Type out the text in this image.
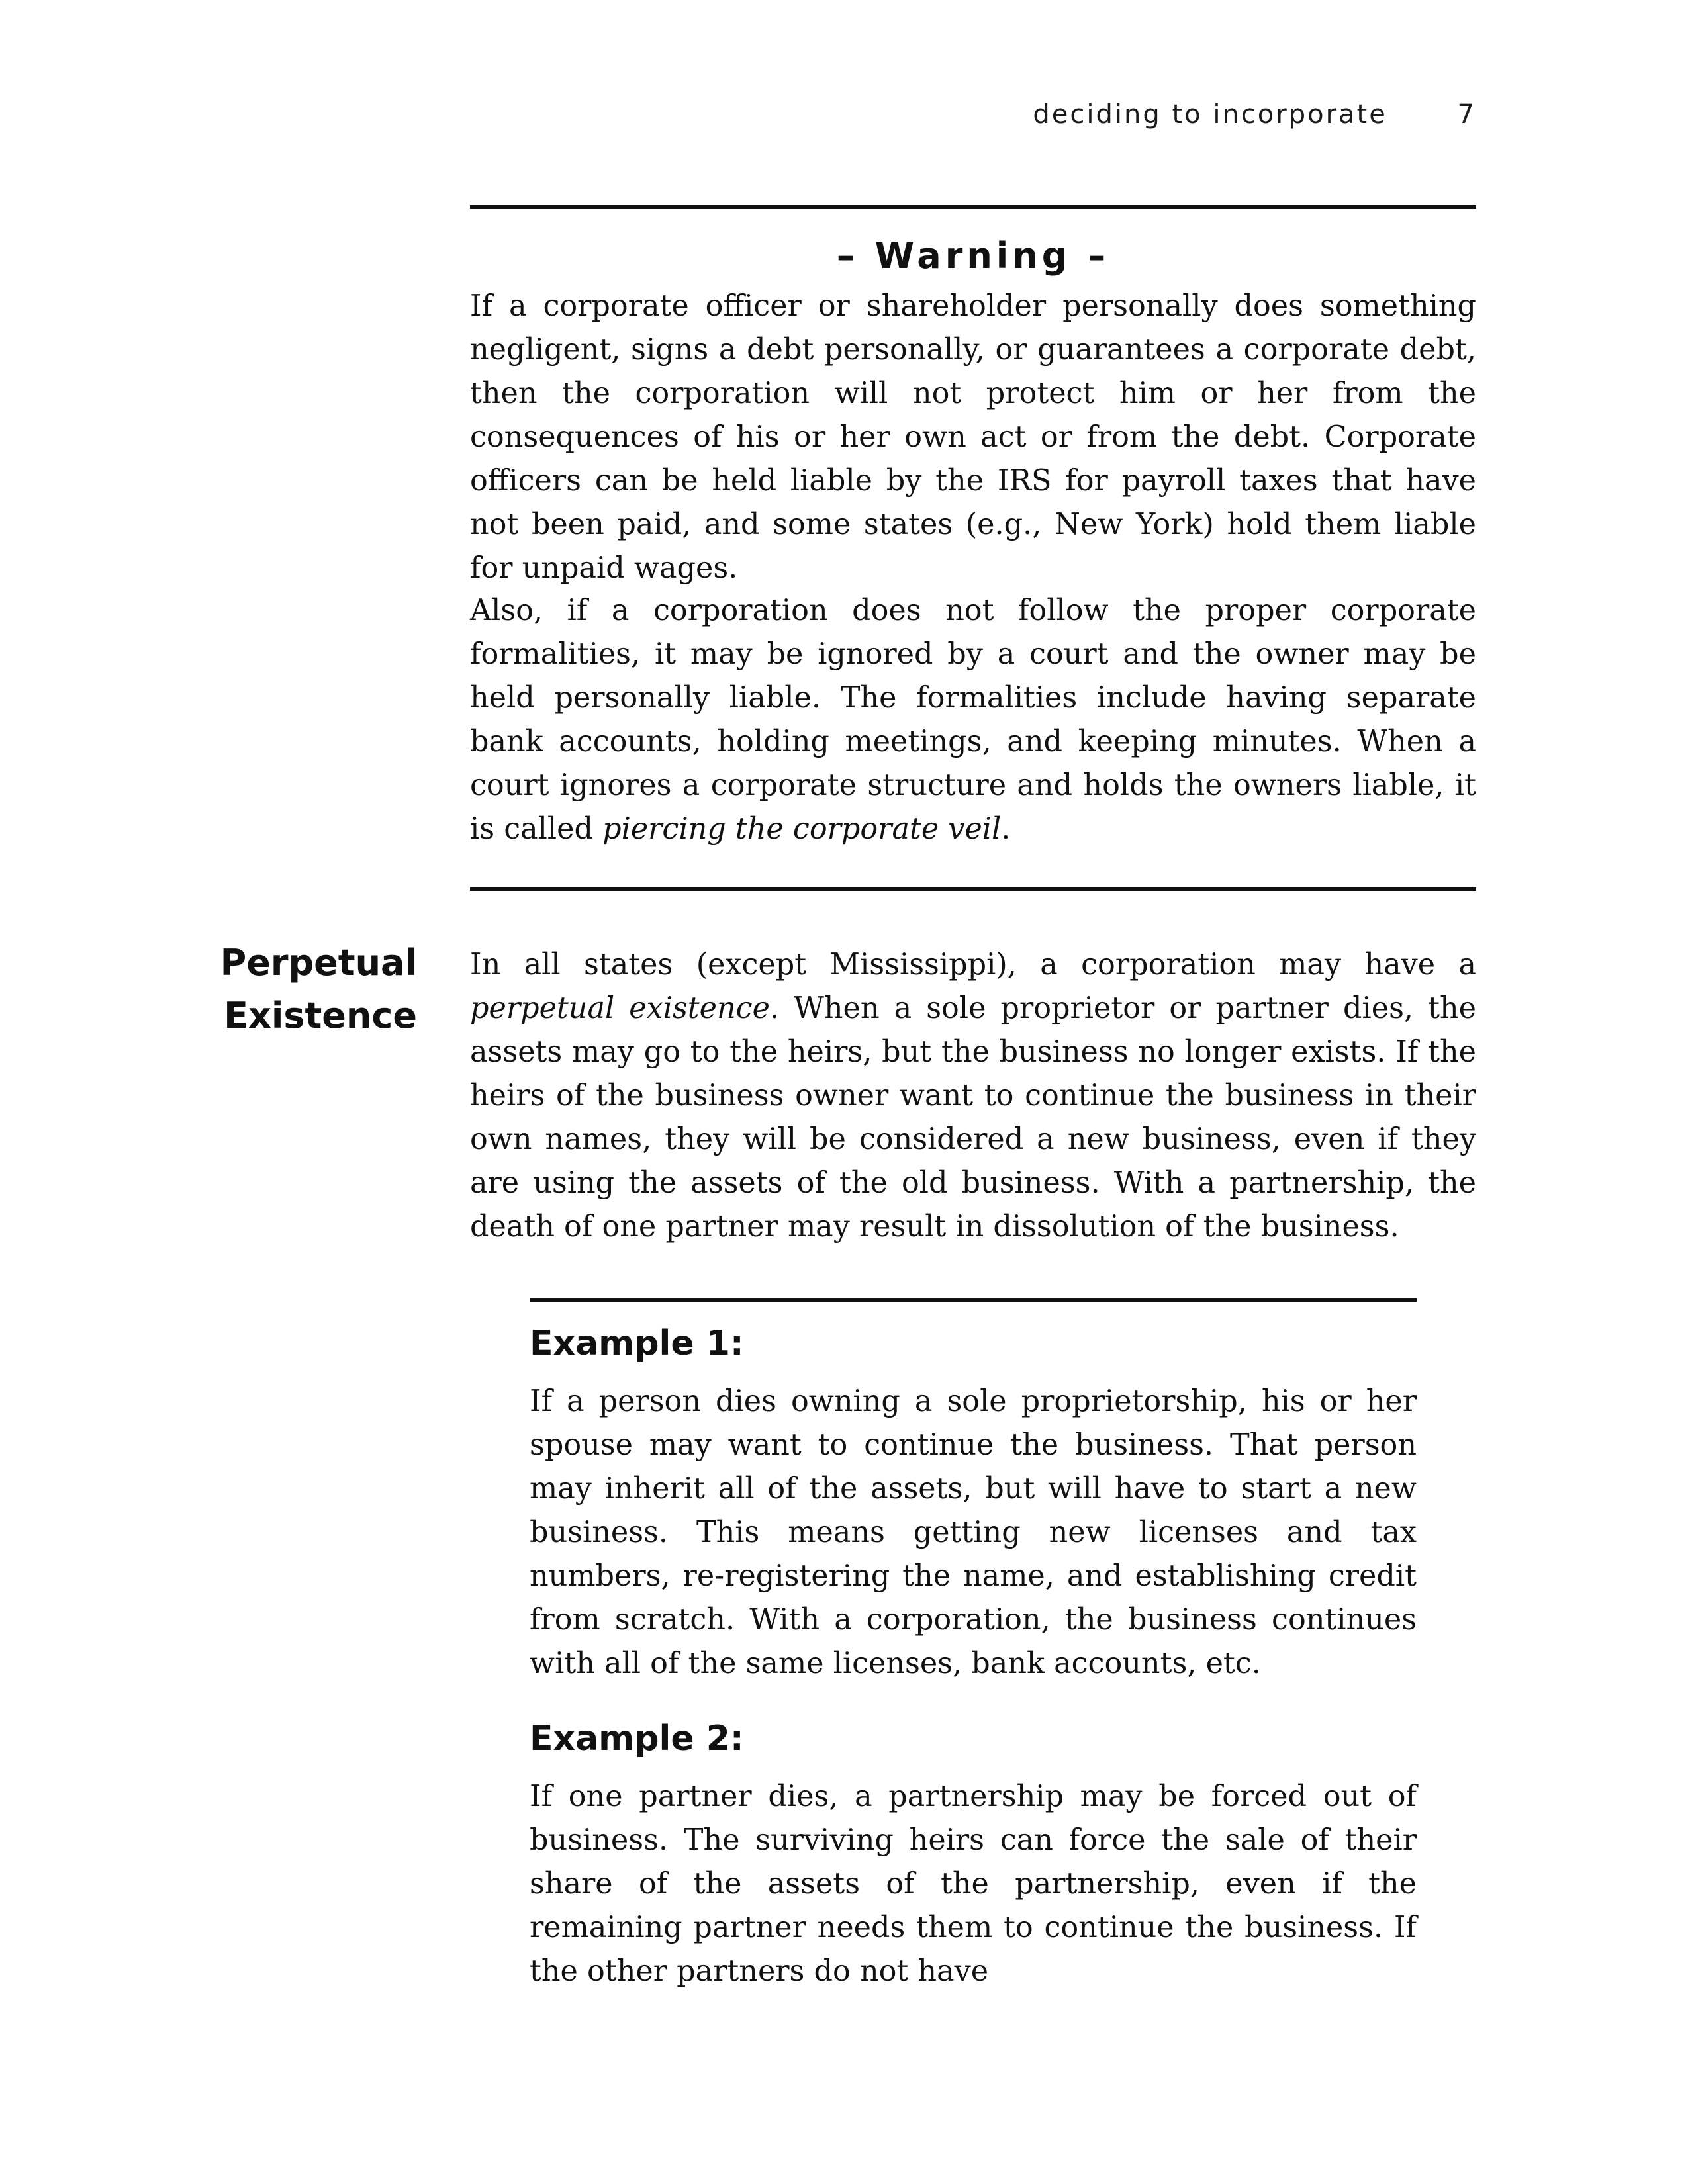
deciding to incorporate	7
– Warning –

If a corporate officer or shareholder personally does something negligent, signs a debt personally, or guarantees a corporate debt, then the corporation will not protect him or her from the consequences of his or her own act or from the debt. Corporate officers can be held liable by the IRS for payroll taxes that have not been paid, and some states (e.g., New York) hold them liable for unpaid wages.

Also, if a corporation does not follow the proper corporate formalities, it may be ignored by a court and the owner may be held personally liable. The formalities include having separate bank accounts, holding meetings, and keeping minutes. When a court ignores a corporate structure and holds the owners liable, it is called piercing the corporate veil.

Perpetual
Existence

In all states (except Mississippi), a corporation may have a perpetual existence. When a sole proprietor or partner dies, the assets may go to the heirs, but the business no longer exists. If the heirs of the business owner want to continue the business in their own names, they will be considered a new business, even if they are using the assets of the old business. With a partnership, the death of one partner may result in dissolution of the business.

Example 1:

If a person dies owning a sole proprietorship, his or her spouse may want to continue the business. That person may inherit all of the assets, but will have to start a new business. This means getting new licenses and tax numbers, re-registering the name, and establishing credit from scratch. With a corporation, the business continues with all of the same licenses, bank accounts, etc.

Example 2:

If one partner dies, a partnership may be forced out of business. The surviving heirs can force the sale of their share of the assets of the partnership, even if the remaining partner needs them to continue the business. If the other partners do not have
